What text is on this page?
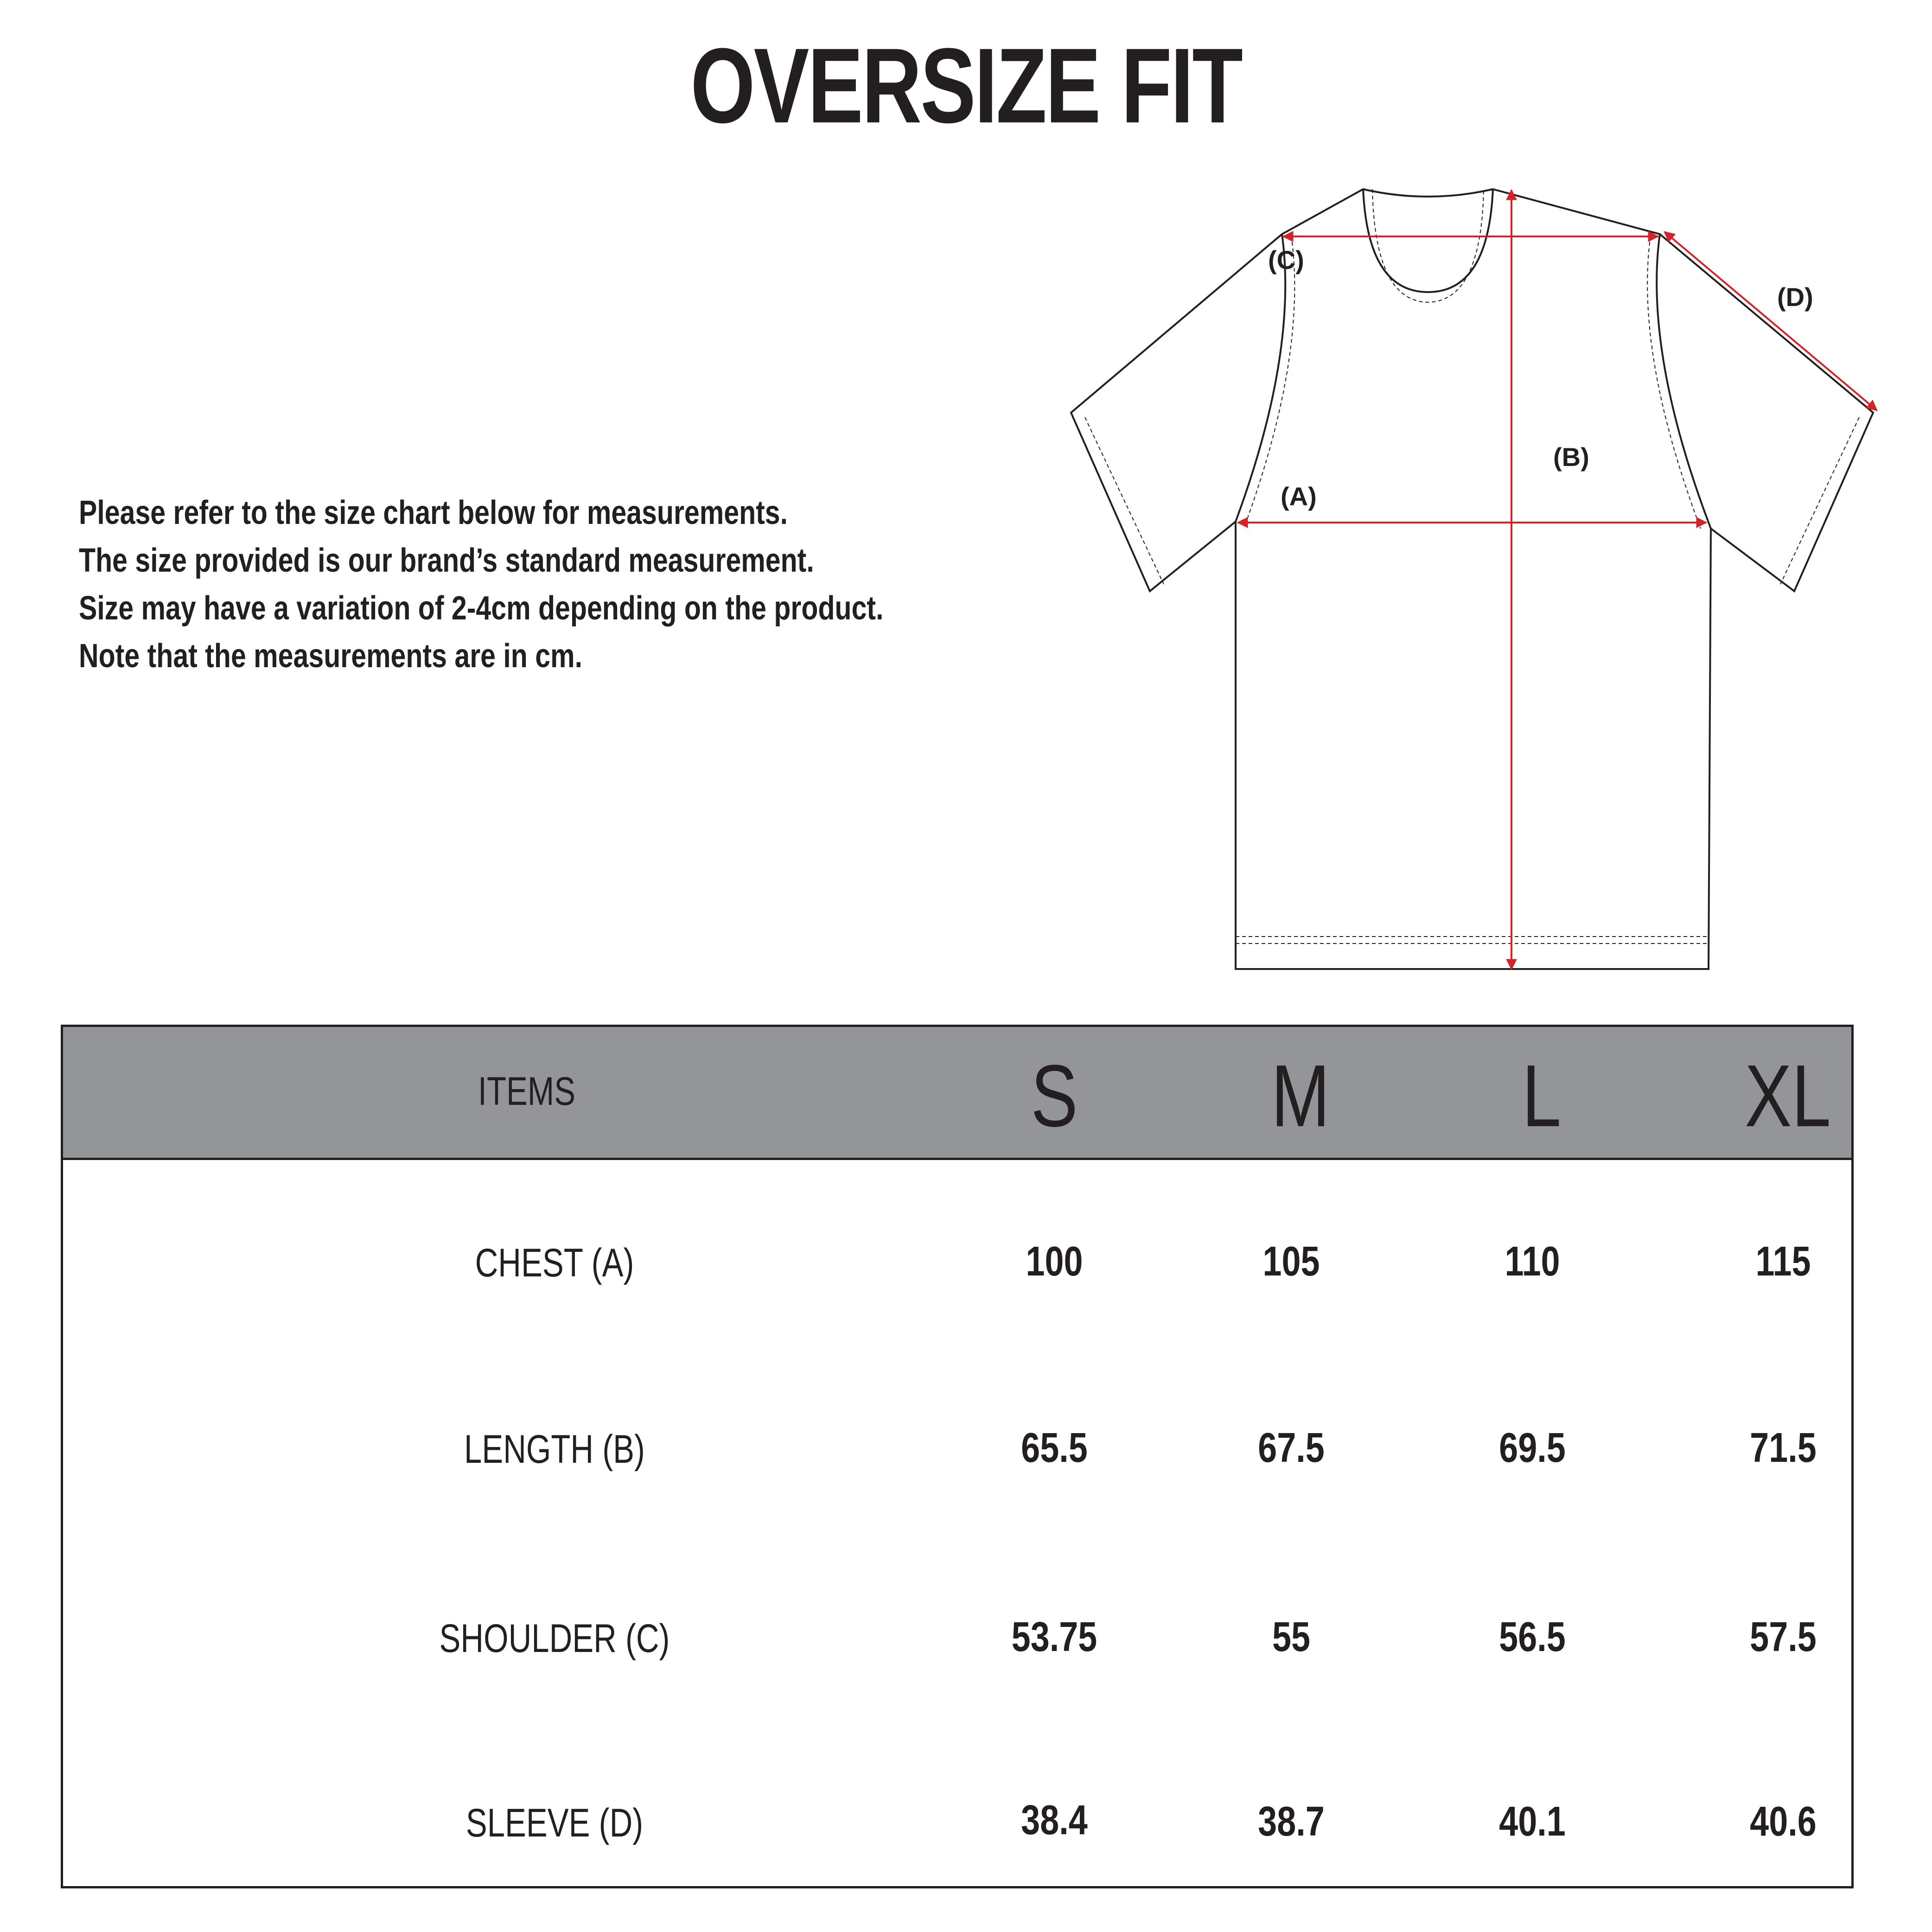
OVERSIZE FIT
Please refer to the size chart below for measurements.
The size provided is our brand’s standard measurement.
Size may have a variation of 2-4cm depending on the product.
Note that the measurements are in cm.
(A)
(B)
(C)
(D)
ITEMS	S M L XL
CHEST (A)	100	105	110	115
LENGTH (B)	65.5	67.5	69.5	71.5
SHOULDER (C)	53.75	55	56.5	57.5
SLEEVE (D)	38.4	38.7	40.1	40.6
